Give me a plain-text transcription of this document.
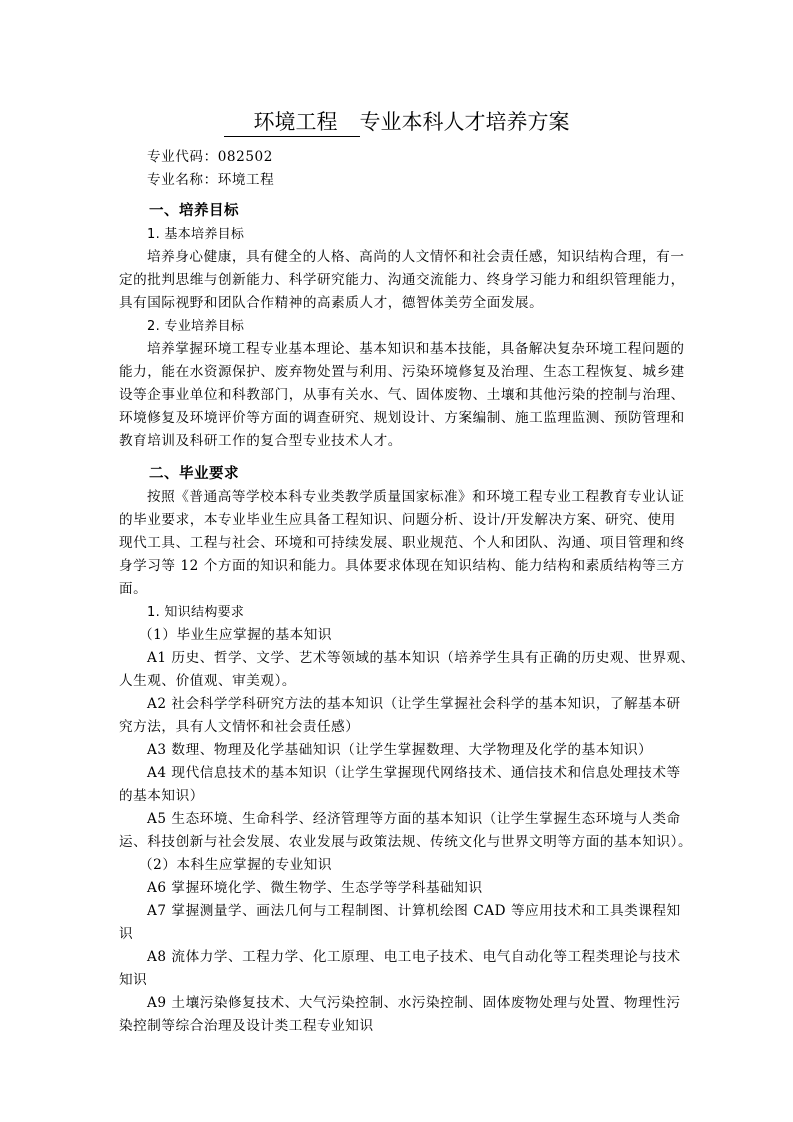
环境工程 专业本科人才培养方案
专业代码：082502
专业名称：环境工程
一、培养目标
1. 基本培养目标
培养身心健康，具有健全的人格、高尚的人文情怀和社会责任感，知识结构合理，有一
定的批判思维与创新能力、科学研究能力、沟通交流能力、终身学习能力和组织管理能力，
具有国际视野和团队合作精神的高素质人才，德智体美劳全面发展。
2. 专业培养目标
培养掌握环境工程专业基本理论、基本知识和基本技能，具备解决复杂环境工程问题的
能力，能在水资源保护、废弃物处置与利用、污染环境修复及治理、生态工程恢复、城乡建
设等企事业单位和科教部门，从事有关水、气、固体废物、土壤和其他污染的控制与治理、
环境修复及环境评价等方面的调查研究、规划设计、方案编制、施工监理监测、预防管理和
教育培训及科研工作的复合型专业技术人才。
二、毕业要求
按照《普通高等学校本科专业类教学质量国家标准》和环境工程专业工程教育专业认证
的毕业要求，本专业毕业生应具备工程知识、问题分析、设计/开发解决方案、研究、使用
现代工具、工程与社会、环境和可持续发展、职业规范、个人和团队、沟通、项目管理和终
身学习等 12 个方面的知识和能力。具体要求体现在知识结构、能力结构和素质结构等三方
面。
1. 知识结构要求
（1）毕业生应掌握的基本知识
A1 历史、哲学、文学、艺术等领域的基本知识（培养学生具有正确的历史观、世界观、
人生观、价值观、审美观）。
A2 社会科学学科研究方法的基本知识（让学生掌握社会科学的基本知识，了解基本研
究方法，具有人文情怀和社会责任感）
A3 数理、物理及化学基础知识（让学生掌握数理、大学物理及化学的基本知识）
A4 现代信息技术的基本知识（让学生掌握现代网络技术、通信技术和信息处理技术等
的基本知识）
A5 生态环境、生命科学、经济管理等方面的基本知识（让学生掌握生态环境与人类命
运、科技创新与社会发展、农业发展与政策法规、传统文化与世界文明等方面的基本知识）。
（2）本科生应掌握的专业知识
A6 掌握环境化学、微生物学、生态学等学科基础知识
A7 掌握测量学、画法几何与工程制图、计算机绘图 CAD 等应用技术和工具类课程知
识
A8 流体力学、工程力学、化工原理、电工电子技术、电气自动化等工程类理论与技术
知识
A9 土壤污染修复技术、大气污染控制、水污染控制、固体废物处理与处置、物理性污
染控制等综合治理及设计类工程专业知识
